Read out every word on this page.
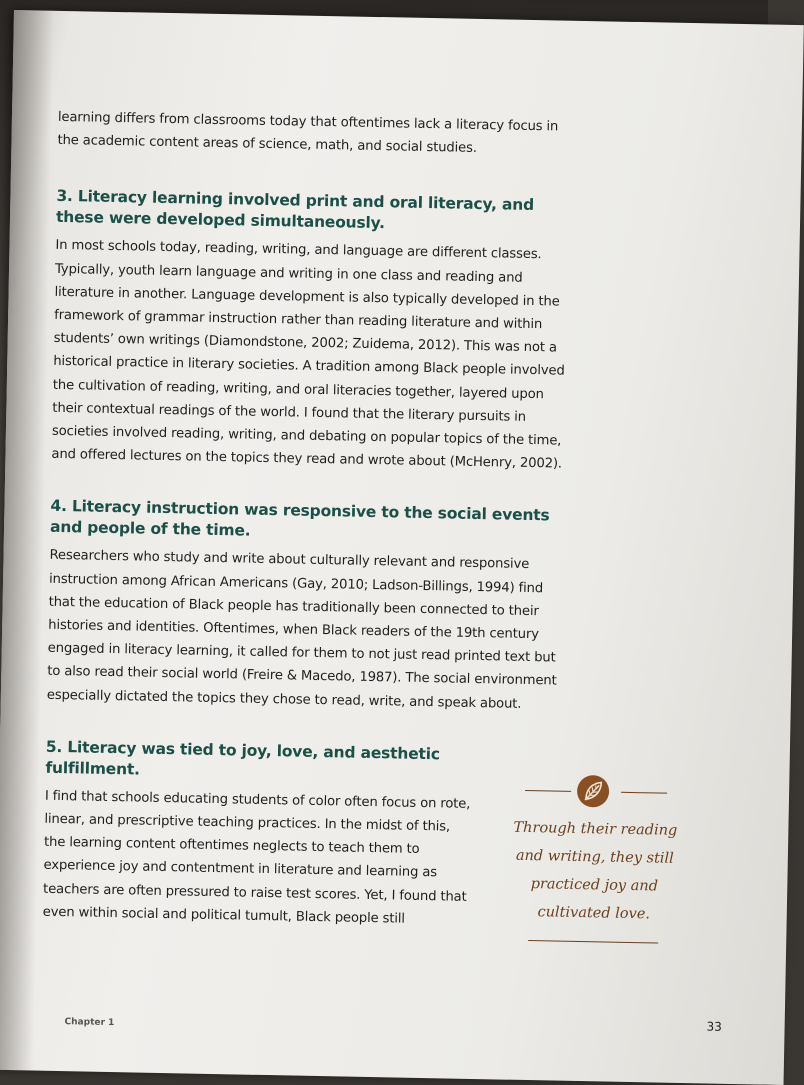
learning differs from classrooms today that oftentimes lack a literacy focus in the academic content areas of science, math, and social studies.

3. Literacy learning involved print and oral literacy, and these were developed simultaneously.

In most schools today, reading, writing, and language are different classes. Typically, youth learn language and writing in one class and reading and literature in another. Language development is also typically developed in the framework of grammar instruction rather than reading literature and within students’ own writings (Diamondstone, 2002; Zuidema, 2012). This was not a historical practice in literary societies. A tradition among Black people involved the cultivation of reading, writing, and oral literacies together, layered upon their contextual readings of the world. I found that the literary pursuits in societies involved reading, writing, and debating on popular topics of the time, and offered lectures on the topics they read and wrote about (McHenry, 2002).

4. Literacy instruction was responsive to the social events and people of the time.

Researchers who study and write about culturally relevant and responsive instruction among African Americans (Gay, 2010; Ladson-Billings, 1994) find that the education of Black people has traditionally been connected to their histories and identities. Oftentimes, when Black readers of the 19th century engaged in literacy learning, it called for them to not just read printed text but to also read their social world (Freire & Macedo, 1987). The social environment especially dictated the topics they chose to read, write, and speak about.

5. Literacy was tied to joy, love, and aesthetic fulfillment.

I find that schools educating students of color often focus on rote, linear, and prescriptive teaching practices. In the midst of this, the learning content oftentimes neglects to teach them to experience joy and contentment in literature and learning as teachers are often pressured to raise test scores. Yet, I found that even within social and political tumult, Black people still

Through their reading and writing, they still practiced joy and cultivated love.

Chapter 1	33
